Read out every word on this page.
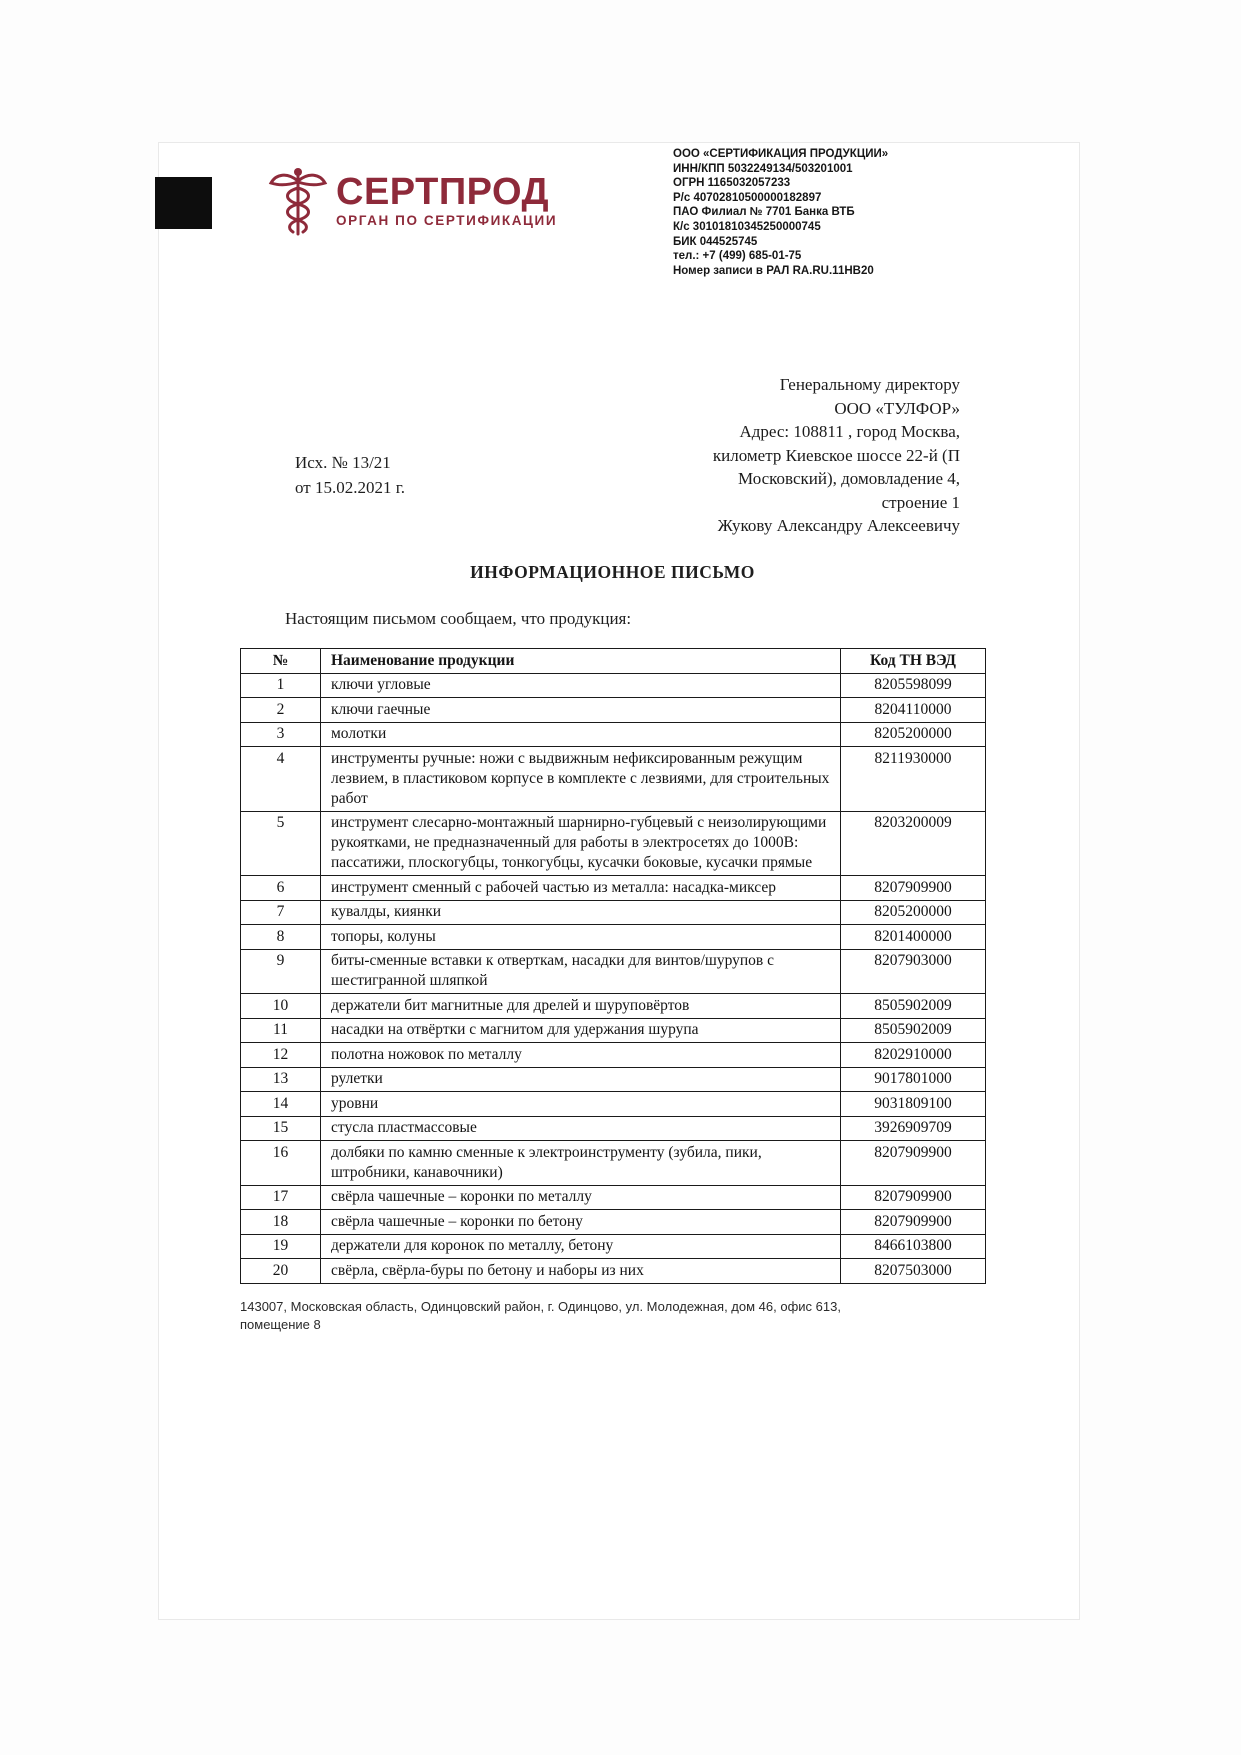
СЕРТПРОД
ОРГАН ПО СЕРТИФИКАЦИИ
ООО «СЕРТИФИКАЦИЯ ПРОДУКЦИИ»
ИНН/КПП 5032249134/503201001
ОГРН 1165032057233
Р/с 40702810500000182897
ПАО Филиал № 7701 Банка ВТБ
К/с 30101810345250000745
БИК 044525745
тел.: +7 (499) 685-01-75
Номер записи в РАЛ RA.RU.11НВ20
Исх. № 13/21
от 15.02.2021 г.
Генеральному директору
ООО «ТУЛФОР»
Адрес: 108811 , город Москва,
километр Киевское шоссе 22-й (П
Московский), домовладение 4,
строение 1
Жукову Александру Алексеевичу
ИНФОРМАЦИОННОЕ ПИСЬМО
Настоящим письмом сообщаем, что продукция:
№	Наименование продукции	Код ТН ВЭД
1	ключи угловые	8205598099
2	ключи гаечные	8204110000
3	молотки	8205200000
4	инструменты ручные: ножи с выдвижным нефиксированным режущим лезвием, в пластиковом корпусе в комплекте с лезвиями, для строительных работ	8211930000
5	инструмент слесарно-монтажный шарнирно-губцевый с неизолирующими рукоятками, не предназначенный для работы в электросетях до 1000В: пассатижи, плоскогубцы, тонкогубцы, кусачки боковые, кусачки прямые	8203200009
6	инструмент сменный с рабочей частью из металла: насадка-миксер	8207909900
7	кувалды, киянки	8205200000
8	топоры, колуны	8201400000
9	биты-сменные вставки к отверткам, насадки для винтов/шурупов с шестигранной шляпкой	8207903000
10	держатели бит магнитные для дрелей и шуруповёртов	8505902009
11	насадки на отвёртки с магнитом для удержания шурупа	8505902009
12	полотна ножовок по металлу	8202910000
13	рулетки	9017801000
14	уровни	9031809100
15	стусла пластмассовые	3926909709
16	долбяки по камню сменные к электроинструменту (зубила, пики, штробники, канавочники)	8207909900
17	свёрла чашечные – коронки по металлу	8207909900
18	свёрла чашечные – коронки по бетону	8207909900
19	держатели для коронок по металлу, бетону	8466103800
20	свёрла, свёрла-буры по бетону и наборы из них	8207503000
143007, Московская область, Одинцовский район, г. Одинцово, ул. Молодежная, дом 46, офис 613,
помещение 8
